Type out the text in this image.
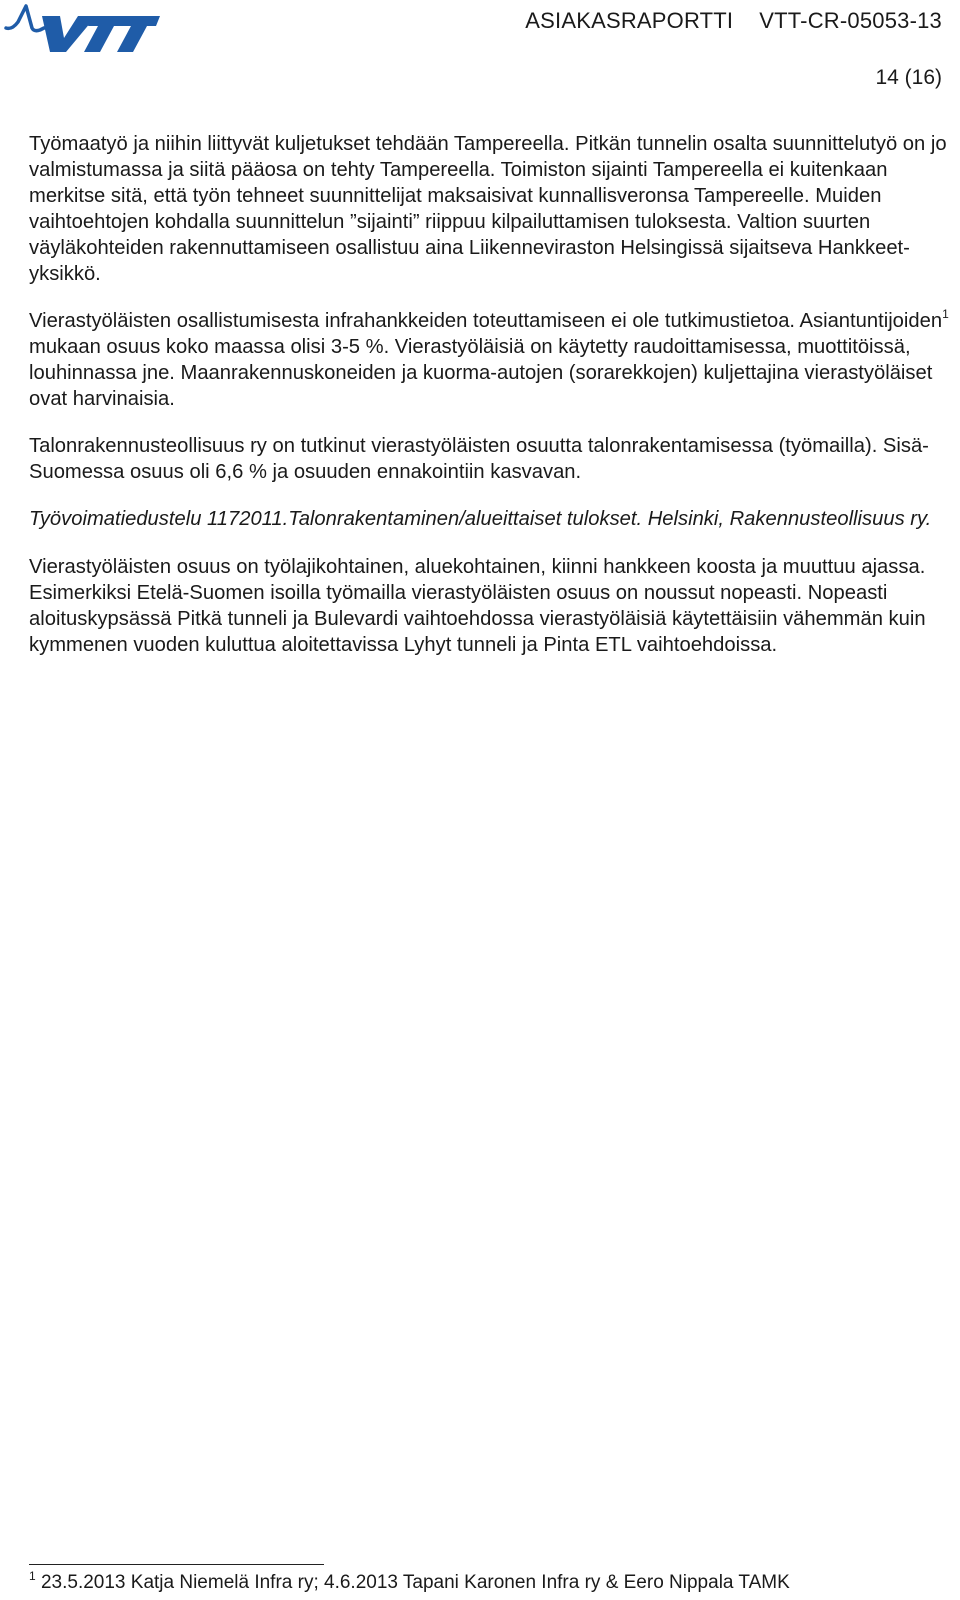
ASIAKASRAPORTTI VTT-CR-05053-13
14 (16)

Työmaatyö ja niihin liittyvät kuljetukset tehdään Tampereella. Pitkän tunnelin osalta suunnittelutyö on jo valmistumassa ja siitä pääosa on tehty Tampereella. Toimiston sijainti Tampereella ei kuitenkaan merkitse sitä, että työn tehneet suunnittelijat maksaisivat kunnallisveronsa Tampereelle. Muiden vaihtoehtojen kohdalla suunnittelun ”sijainti” riippuu kilpailuttamisen tuloksesta. Valtion suurten väyläkohteiden rakennuttamiseen osallistuu aina Liikenneviraston Helsingissä sijaitseva Hankkeet-yksikkö.

Vierastyöläisten osallistumisesta infrahankkeiden toteuttamiseen ei ole tutkimustietoa. Asiantuntijoiden$^1$ mukaan osuus koko maassa olisi 3-5 %. Vierastyöläisiä on käytetty raudoittamisessa, muottitöissä, louhinnassa jne. Maanrakennuskoneiden ja kuorma-autojen (sorarekkojen) kuljettajina vierastyöläiset ovat harvinaisia.

Talonrakennusteollisuus ry on tutkinut vierastyöläisten osuutta talonrakentamisessa (työmailla). Sisä-Suomessa osuus oli 6,6 % ja osuuden ennakointiin kasvavan.

Työvoimatiedustelu 1172011.Talonrakentaminen/alueittaiset tulokset. Helsinki, Rakennusteollisuus ry.

Vierastyöläisten osuus on työlajikohtainen, aluekohtainen, kiinni hankkeen koosta ja muuttuu ajassa. Esimerkiksi Etelä-Suomen isoilla työmailla vierastyöläisten osuus on noussut nopeasti. Nopeasti aloituskypsässä Pitkä tunneli ja Bulevardi vaihtoehdossa vierastyöläisiä käytettäisiin vähemmän kuin kymmenen vuoden kuluttua aloitettavissa Lyhyt tunneli ja Pinta ETL vaihtoehdoissa.

$^1$ 23.5.2013 Katja Niemelä Infra ry; 4.6.2013 Tapani Karonen Infra ry & Eero Nippala TAMK
